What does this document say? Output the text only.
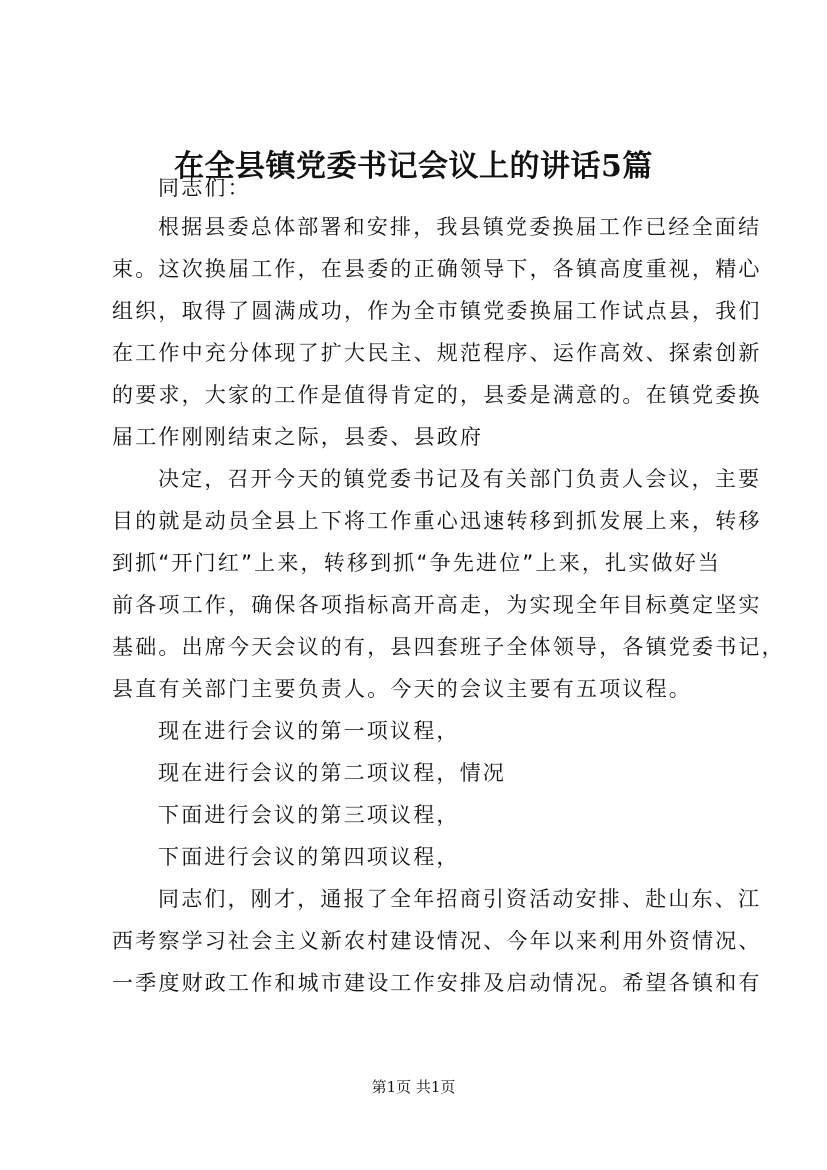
在全县镇党委书记会议上的讲话5篇
同志们：
根据县委总体部署和安排，我县镇党委换届工作已经全面结
束。这次换届工作，在县委的正确领导下，各镇高度重视，精心
组织，取得了圆满成功，作为全市镇党委换届工作试点县，我们
在工作中充分体现了扩大民主、规范程序、运作高效、探索创新
的要求，大家的工作是值得肯定的，县委是满意的。在镇党委换
届工作刚刚结束之际，县委、县政府
决定，召开今天的镇党委书记及有关部门负责人会议，主要
目的就是动员全县上下将工作重心迅速转移到抓发展上来，转移
到抓“开门红”上来，转移到抓“争先进位”上来，扎实做好当
前各项工作，确保各项指标高开高走，为实现全年目标奠定坚实
基础。出席今天会议的有，县四套班子全体领导，各镇党委书记，
县直有关部门主要负责人。今天的会议主要有五项议程。
现在进行会议的第一项议程，
现在进行会议的第二项议程，情况
下面进行会议的第三项议程，
下面进行会议的第四项议程，
同志们，刚才，通报了全年招商引资活动安排、赴山东、江
西考察学习社会主义新农村建设情况、今年以来利用外资情况、
一季度财政工作和城市建设工作安排及启动情况。希望各镇和有
第1页 共1页
